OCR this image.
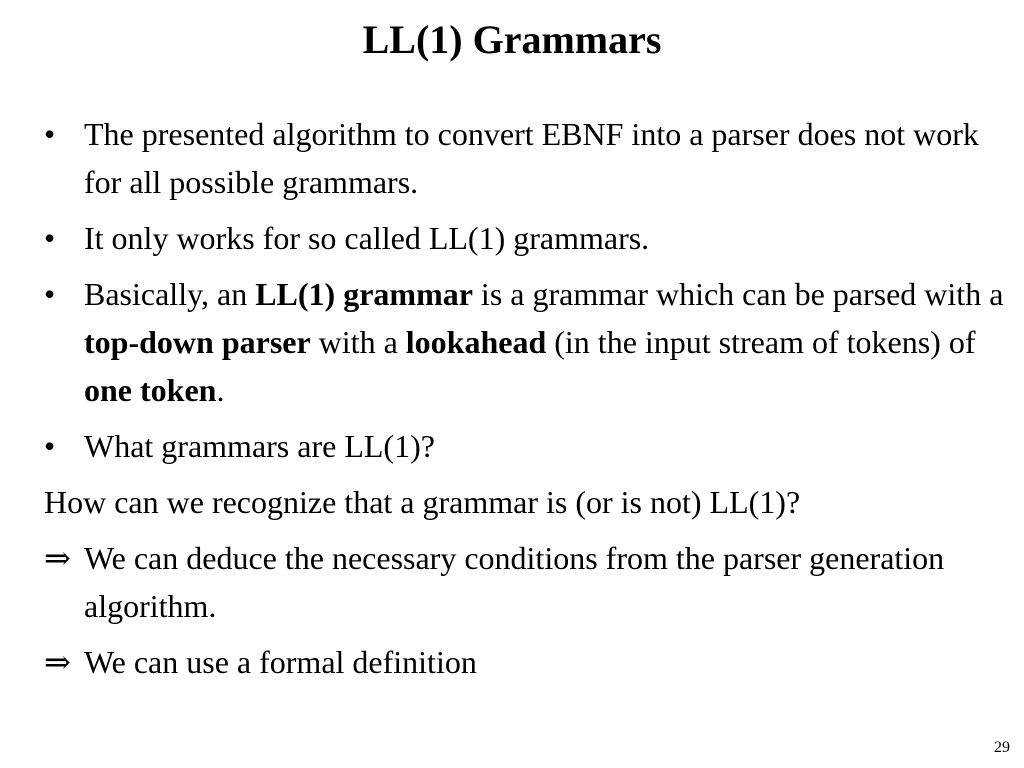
LL(1) Grammars
• The presented algorithm to convert EBNF into a parser does not work for all possible grammars.
• It only works for so called LL(1) grammars.
• Basically, an LL(1) grammar is a grammar which can be parsed with a top-down parser with a lookahead (in the input stream of tokens) of one token.
• What grammars are LL(1)?
How can we recognize that a grammar is (or is not) LL(1)?
⇒ We can deduce the necessary conditions from the parser generation algorithm.
⇒ We can use a formal definition
29
